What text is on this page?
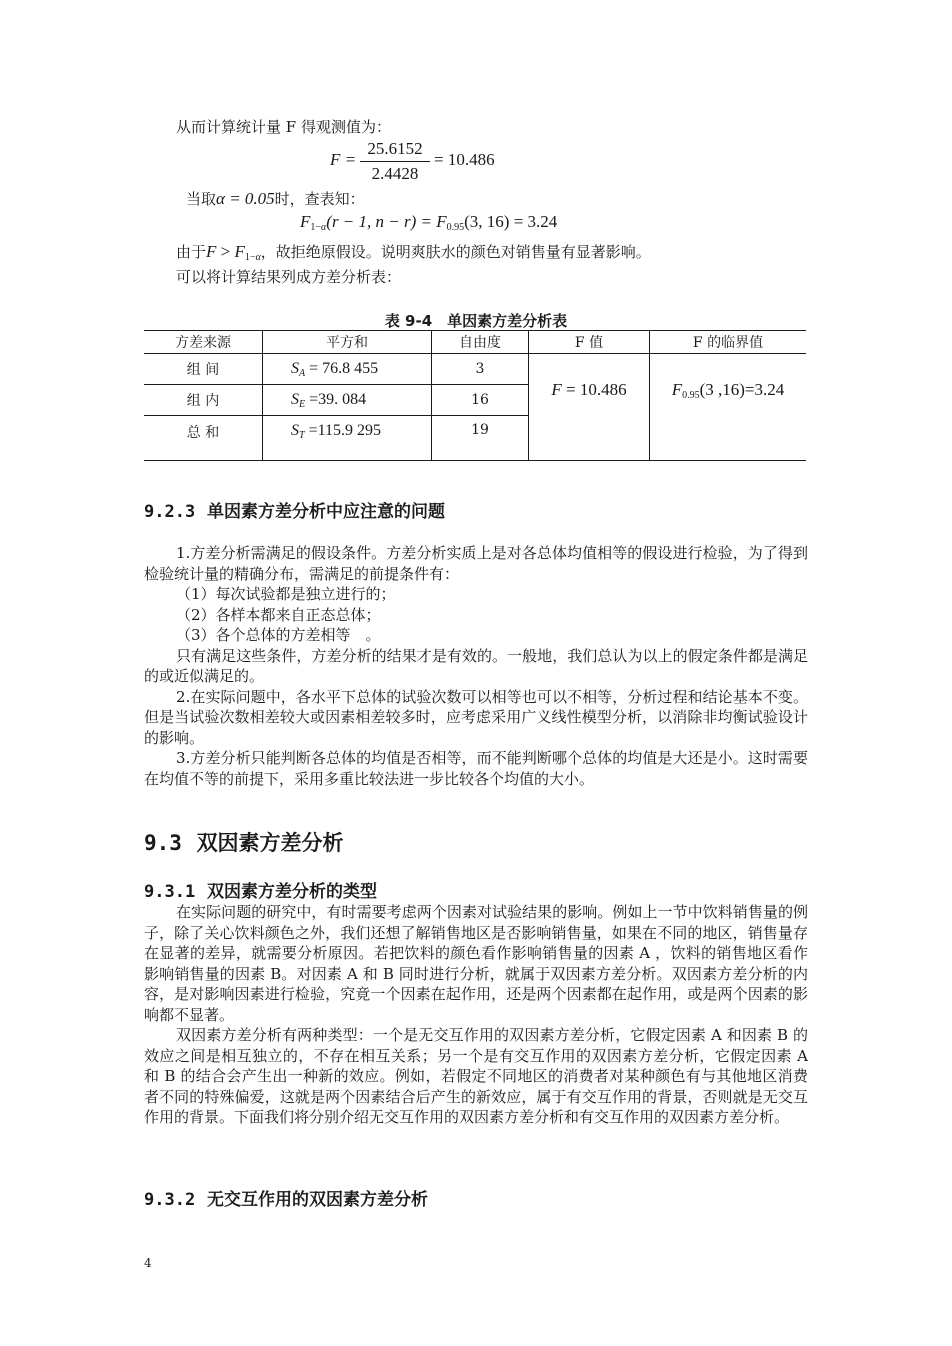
从而计算统计量 F 得观测值为：
F =
25.6152
2.4428
= 10.486
当取α = 0.05时，查表知：
$F_{1-\alpha}(r - 1$, $n - r) = F_{0.95}(3$, 16) = 3.24
由于$F > F_{1-\alpha}$，故拒绝原假设。说明爽肤水的颜色对销售量有显著影响。
可以将计算结果列成方差分析表：
表 9-4　单因素方差分析表
方差来源	平方和	自由度	F 值	F 的临界值
组 间	$S_A = 76.8$ 455	3	F = 10.486	$F_{0.95}(3$ ,16)=3.24
组 内	$S_E =39$. 084	16		
总 和	$S_T =115.9$ 295	19		
9.2.3 单因素方差分析中应注意的问题

1.方差分析需满足的假设条件。方差分析实质上是对各总体均值相等的假设进行检验，为了得到检验统计量的精确分布，需满足的前提条件有：

（1）每次试验都是独立进行的；

（2）各样本都来自正态总体；

（3）各个总体的方差相等　。

只有满足这些条件，方差分析的结果才是有效的。一般地，我们总认为以上的假定条件都是满足的或近似满足的。

2.在实际问题中，各水平下总体的试验次数可以相等也可以不相等，分析过程和结论基本不变。但是当试验次数相差较大或因素相差较多时，应考虑采用广义线性模型分析，以消除非均衡试验设计的影响。

3.方差分析只能判断各总体的均值是否相等，而不能判断哪个总体的均值是大还是小。这时需要在均值不等的前提下，采用多重比较法进一步比较各个均值的大小。

9.3 双因素方差分析
9.3.1 双因素方差分析的类型

在实际问题的研究中，有时需要考虑两个因素对试验结果的影响。例如上一节中饮料销售量的例子，除了关心饮料颜色之外，我们还想了解销售地区是否影响销售量，如果在不同的地区，销售量存在显著的差异，就需要分析原因。若把饮料的颜色看作影响销售量的因素 A ，饮料的销售地区看作影响销售量的因素 B。对因素 A 和 B 同时进行分析，就属于双因素方差分析。双因素方差分析的内容，是对影响因素进行检验，究竟一个因素在起作用，还是两个因素都在起作用，或是两个因素的影响都不显著。

双因素方差分析有两种类型：一个是无交互作用的双因素方差分析，它假定因素 A 和因素 B 的效应之间是相互独立的，不存在相互关系；另一个是有交互作用的双因素方差分析，它假定因素 A 和 B 的结合会产生出一种新的效应。例如，若假定不同地区的消费者对某种颜色有与其他地区消费者不同的特殊偏爱，这就是两个因素结合后产生的新效应，属于有交互作用的背景，否则就是无交互作用的背景。下面我们将分别介绍无交互作用的双因素方差分析和有交互作用的双因素方差分析。

9.3.2 无交互作用的双因素方差分析
4
